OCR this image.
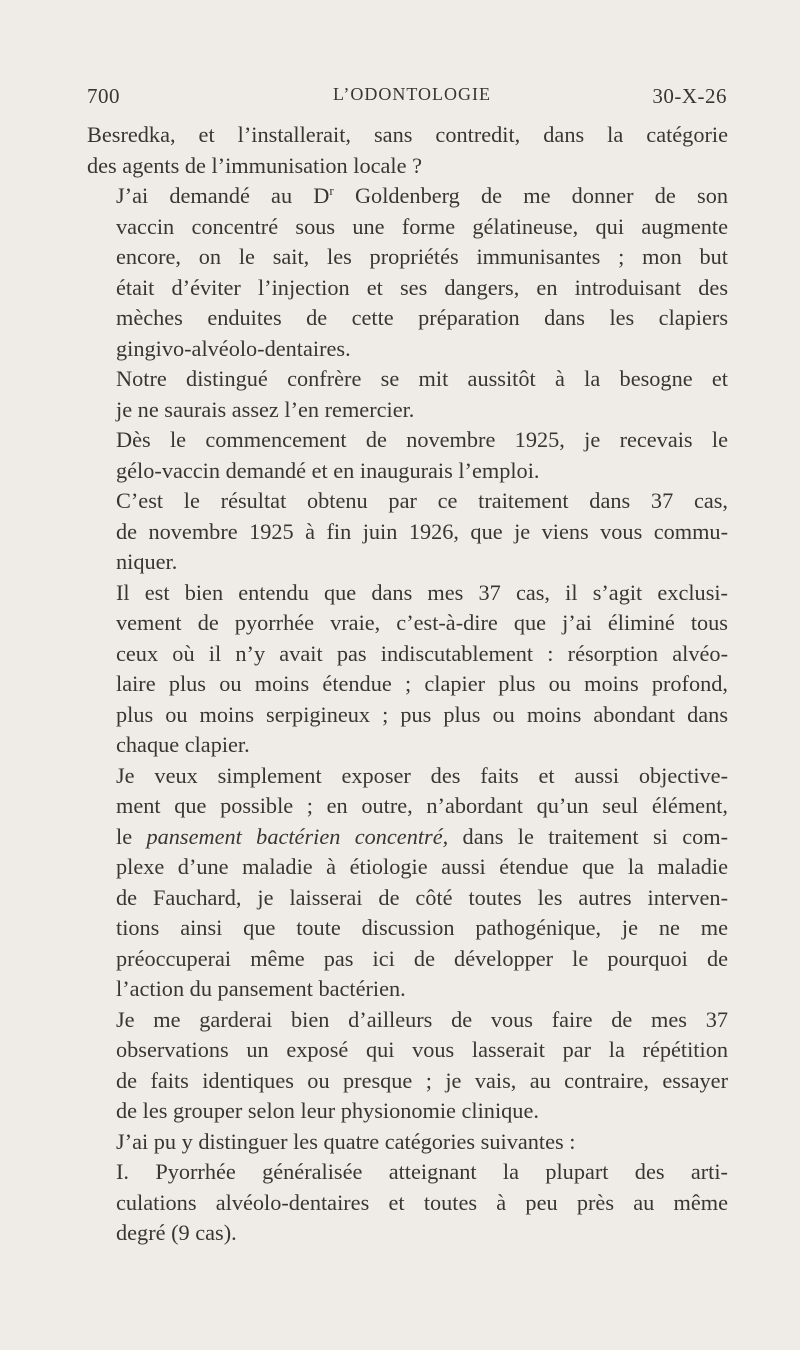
700	L’ODONTOLOGIE	30-X-26

Besredka, et l’installerait, sans contredit, dans la catégorie
des agents de l’immunisation locale ?

J’ai demandé au $D^r$ Goldenberg de me donner de son
vaccin concentré sous une forme gélatineuse, qui augmente
encore, on le sait, les propriétés immunisantes ; mon but
était d’éviter l’injection et ses dangers, en introduisant des
mèches enduites de cette préparation dans les clapiers
gingivo-alvéolo-dentaires.

Notre distingué confrère se mit aussitôt à la besogne et
je ne saurais assez l’en remercier.

Dès le commencement de novembre 1925, je recevais le
gélo-vaccin demandé et en inaugurais l’emploi.

C’est le résultat obtenu par ce traitement dans 37 cas,
de novembre 1925 à fin juin 1926, que je viens vous commu-
niquer.

Il est bien entendu que dans mes 37 cas, il s’agit exclusi-
vement de pyorrhée vraie, c’est-à-dire que j’ai éliminé tous
ceux où il n’y avait pas indiscutablement : résorption alvéo-
laire plus ou moins étendue ; clapier plus ou moins profond,
plus ou moins serpigineux ; pus plus ou moins abondant dans
chaque clapier.

Je veux simplement exposer des faits et aussi objective-
ment que possible ; en outre, n’abordant qu’un seul élément,
le pansement bactérien concentré, dans le traitement si com-
plexe d’une maladie à étiologie aussi étendue que la maladie
de Fauchard, je laisserai de côté toutes les autres interven-
tions ainsi que toute discussion pathogénique, je ne me
préoccuperai même pas ici de développer le pourquoi de
l’action du pansement bactérien.

Je me garderai bien d’ailleurs de vous faire de mes 37
observations un exposé qui vous lasserait par la répétition
de faits identiques ou presque ; je vais, au contraire, essayer
de les grouper selon leur physionomie clinique.

J’ai pu y distinguer les quatre catégories suivantes :

I. Pyorrhée généralisée atteignant la plupart des arti-
culations alvéolo-dentaires et toutes à peu près au même
degré (9 cas).
